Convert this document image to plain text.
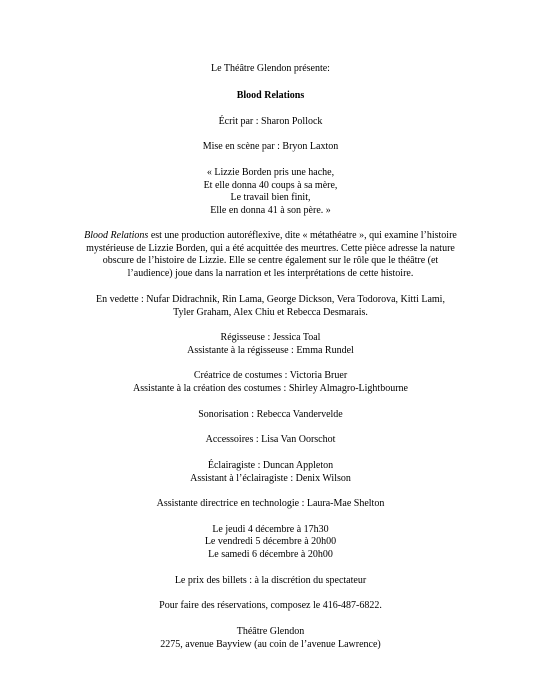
Le Théâtre Glendon présente:
Blood Relations
Écrit par : Sharon Pollock
Mise en scène par : Bryon Laxton
« Lizzie Borden pris une hache,
Et elle donna 40 coups à sa mère,
Le travail bien finit,
Elle en donna 41 à son père. »
Blood Relations est une production autoréflexive, dite « métathéatre », qui examine l’histoire
mystérieuse de Lizzie Borden, qui a été acquittée des meurtres. Cette pièce adresse la nature
obscure de l’histoire de Lizzie. Elle se centre également sur le rôle que le théâtre (et
l’audience) joue dans la narration et les interprétations de cette histoire.
En vedette : Nufar Didrachnik, Rin Lama, George Dickson, Vera Todorova, Kitti Lami,
Tyler Graham, Alex Chiu et Rebecca Desmarais.
Régisseuse : Jessica Toal
Assistante à la régisseuse : Emma Rundel
Créatrice de costumes : Victoria Bruer
Assistante à la création des costumes : Shirley Almagro-Lightbourne
Sonorisation : Rebecca Vandervelde
Accessoires : Lisa Van Oorschot
Éclairagiste : Duncan Appleton
Assistant à l’éclairagiste : Denix Wilson
Assistante directrice en technologie : Laura-Mae Shelton
Le jeudi 4 décembre à 17h30
Le vendredi 5 décembre à 20h00
Le samedi 6 décembre à 20h00
Le prix des billets : à la discrétion du spectateur
Pour faire des réservations, composez le 416-487-6822.
Théâtre Glendon
2275, avenue Bayview (au coin de l’avenue Lawrence)
